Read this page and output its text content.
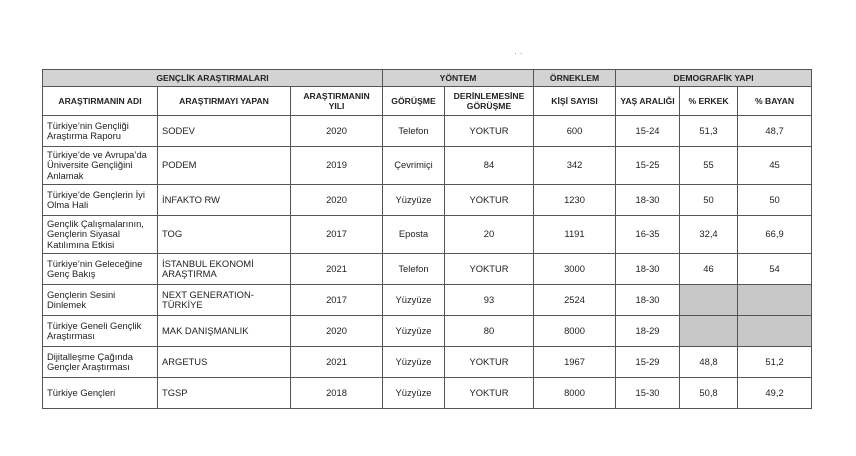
· ·
GENÇLİK ARAŞTIRMALARI			YÖNTEM		ÖRNEKLEM	DEMOGRAFİK YAPI		
ARAŞTIRMANIN ADI	ARAŞTIRMAYI YAPAN	ARAŞTIRMANIN YILI	GÖRÜŞME	DERİNLEMESİNE GÖRÜŞME	KİŞİ SAYISI	YAŞ ARALIĞI	% ERKEK	% BAYAN
Türkiye’nin Gençliği Araştırma Raporu	SODEV	2020	Telefon	YOKTUR	600	15-24	51,3	48,7
Türkiye’de ve Avrupa’da Üniversite Gençliğini Anlamak	PODEM	2019	Çevrimiçi	84	342	15-25	55	45
Türkiye’de Gençlerin İyi Olma Hali	İNFAKTO RW	2020	Yüzyüze	YOKTUR	1230	18-30	50	50
Gençlik Çalışmalarının, Gençlerin Siyasal Katılımına Etkisi	TOG	2017	Eposta	20	1191	16-35	32,4	66,9
Türkiye’nin Geleceğine Genç Bakış	İSTANBUL EKONOMİ ARAŞTIRMA	2021	Telefon	YOKTUR	3000	18-30	46	54
Gençlerin Sesini Dinlemek	NEXT GENERATION-TÜRKİYE	2017	Yüzyüze	93	2524	18-30		
Türkiye Geneli Gençlik Araştırması	MAK DANIŞMANLIK	2020	Yüzyüze	80	8000	18-29		
Dijitalleşme Çağında Gençler Araştırması	ARGETUS	2021	Yüzyüze	YOKTUR	1967	15-29	48,8	51,2
Türkiye Gençleri	TGSP	2018	Yüzyüze	YOKTUR	8000	15-30	50,8	49,2
